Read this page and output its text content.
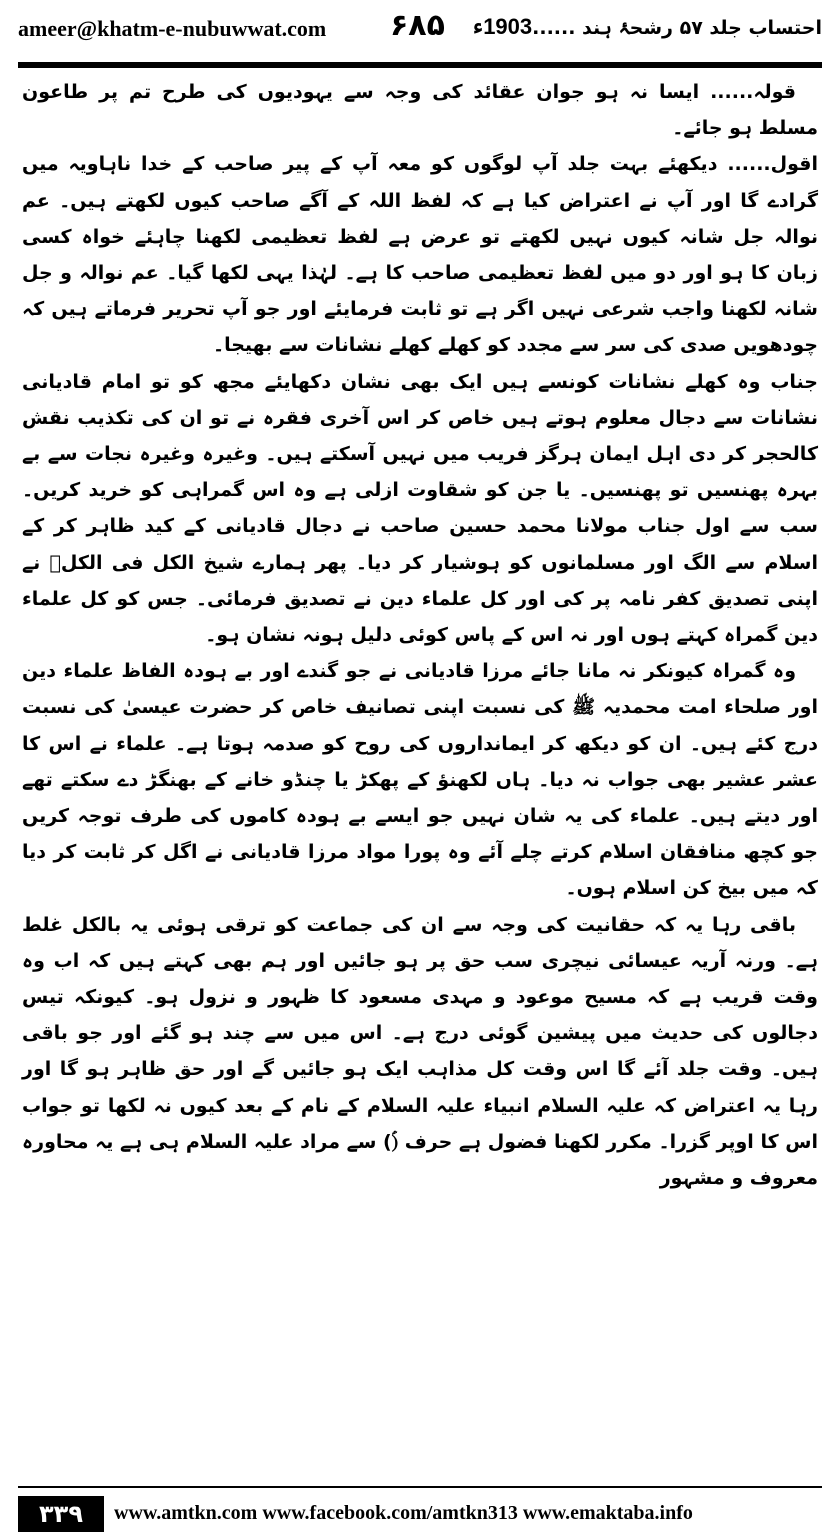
ameer@khatm-e-nubuwwat.com ۶۸۵	احتساب جلد ۵۷ رشحۂ ہند ......1903ء

قولہ...... ایسا نہ ہو جوان عقائد کی وجہ سے یہودیوں کی طرح تم پر طاعون مسلط ہو جائے۔

اقول...... دیکھئے بہت جلد آپ لوگوں کو معہ آپ کے پیر صاحب کے خدا ناہاویہ میں گرادے گا اور آپ نے اعتراض کیا ہے کہ لفظ اللہ کے آگے صاحب کیوں لکھتے ہیں۔ عم نوالہ جل شانہ کیوں نہیں لکھتے تو عرض ہے لفظ تعظیمی لکھنا چاہئے خواہ کسی زبان کا ہو اور دو میں لفظ تعظیمی صاحب کا ہے۔ لہٰذا یہی لکھا گیا۔ عم نوالہ و جل شانہ لکھنا واجب شرعی نہیں اگر ہے تو ثابت فرمایئے اور جو آپ تحریر فرماتے ہیں کہ چودھویں صدی کی سر سے مجدد کو کھلے کھلے نشانات سے بھیجا۔

جناب وہ کھلے نشانات کونسے ہیں ایک بھی نشان دکھایئے مجھ کو تو امام قادیانی نشانات سے دجال معلوم ہوتے ہیں خاص کر اس آخری فقرہ نے تو ان کی تکذیب نقش کالحجر کر دی اہل ایمان ہرگز فریب میں نہیں آسکتے ہیں۔ وغیرہ وغیرہ نجات سے بے بہرہ پھنسیں تو پھنسیں۔ یا جن کو شقاوت ازلی ہے وہ اس گمراہی کو خرید کریں۔ سب سے اول جناب مولانا محمد حسین صاحب نے دجال قادیانی کے کید ظاہر کر کے اسلام سے الگ اور مسلمانوں کو ہوشیار کر دیا۔ پھر ہمارے شیخ الکل فی الکلؒ نے اپنی تصدیق کفر نامہ پر کی اور کل علماء دین نے تصدیق فرمائی۔ جس کو کل علماء دین گمراہ کہتے ہوں اور نہ اس کے پاس کوئی دلیل ہونہ نشان ہو۔

وہ گمراہ کیونکر نہ مانا جائے مرزا قادیانی نے جو گندے اور بے ہودہ الفاظ علماء دین اور صلحاء امت محمدیہ ﷺ کی نسبت اپنی تصانیف خاص کر حضرت عیسیٰ کی نسبت درج کئے ہیں۔ ان کو دیکھ کر ایمانداروں کی روح کو صدمہ ہوتا ہے۔ علماء نے اس کا عشر عشیر بھی جواب نہ دیا۔ ہاں لکھنؤ کے پھکڑ یا چنڈو خانے کے بھنگڑ دے سکتے تھے اور دیتے ہیں۔ علماء کی یہ شان نہیں جو ایسے بے ہودہ کاموں کی طرف توجہ کریں جو کچھ منافقان اسلام کرتے چلے آئے وہ پورا مواد مرزا قادیانی نے اگل کر ثابت کر دیا کہ میں بیخ کن اسلام ہوں۔

باقی رہا یہ کہ حقانیت کی وجہ سے ان کی جماعت کو ترقی ہوئی یہ بالکل غلط ہے۔ ورنہ آریہ عیسائی نیچری سب حق پر ہو جائیں اور ہم بھی کہتے ہیں کہ اب وہ وقت قریب ہے کہ مسیح موعود و مہدی مسعود کا ظہور و نزول ہو۔ کیونکہ تیس دجالوں کی حدیث میں پیشین گوئی درج ہے۔ اس میں سے چند ہو گئے اور جو باقی ہیں۔ وقت جلد آئے گا اس وقت کل مذاہب ایک ہو جائیں گے اور حق ظاہر ہو گا اور رہا یہ اعتراض کہ علیہ السلام انبیاء علیہ السلام کے نام کے بعد کیوں نہ لکھا تو جواب اس کا اوپر گزرا۔ مکرر لکھنا فضول ہے حرف (ؑ) سے مراد علیہ السلام ہی ہے یہ محاورہ معروف و مشہور

۳۳۹	www.amtkn.com www.facebook.com/amtkn313 www.emaktaba.info
